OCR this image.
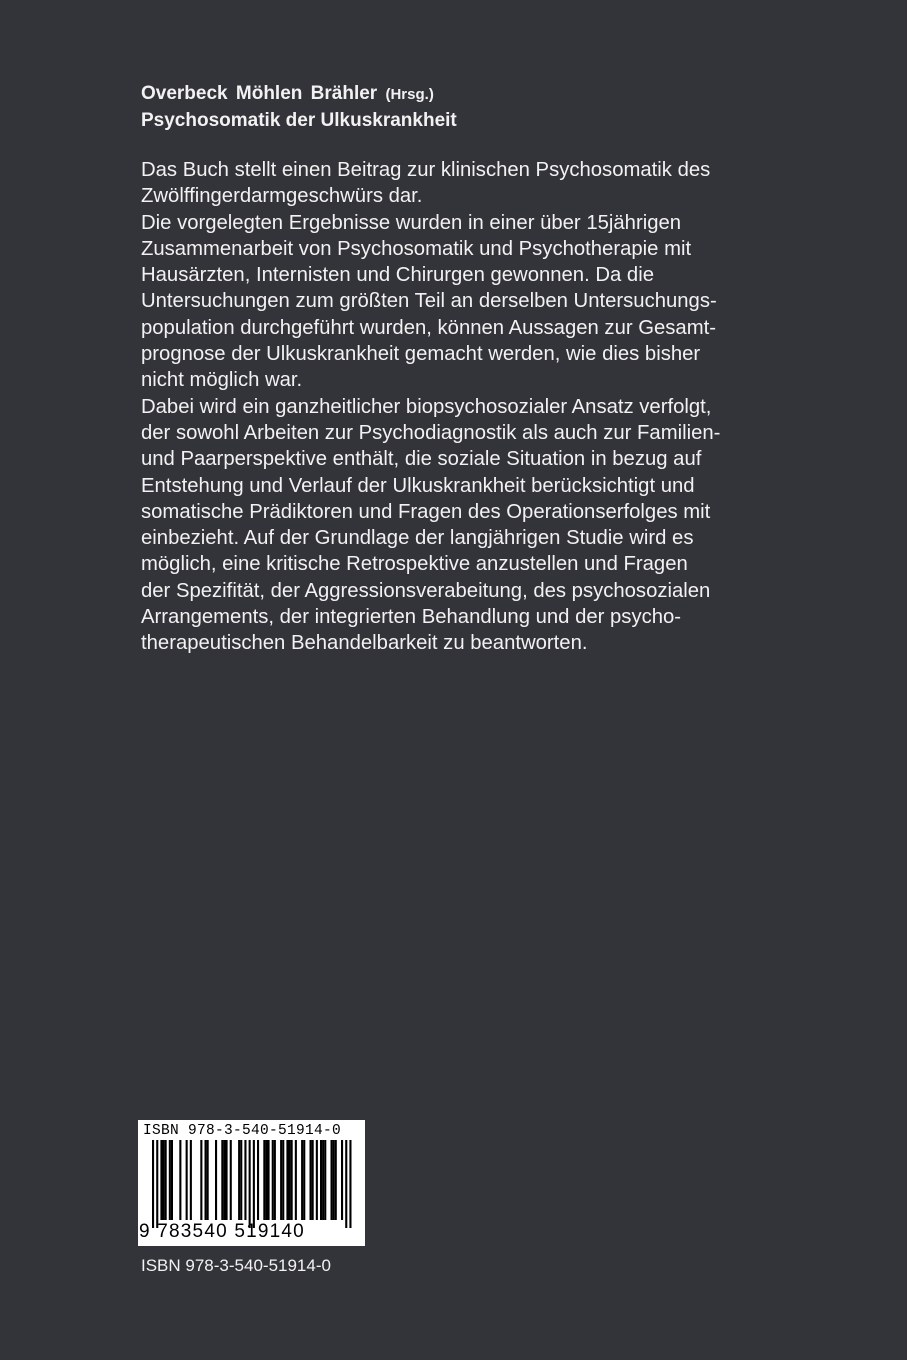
Overbeck Möhlen Brähler (Hrsg.)
Psychosomatik der Ulkuskrankheit
Das Buch stellt einen Beitrag zur klinischen Psychosomatik des
Zwölffingerdarmgeschwürs dar.
Die vorgelegten Ergebnisse wurden in einer über 15jährigen
Zusammenarbeit von Psychosomatik und Psychotherapie mit
Hausärzten, Internisten und Chirurgen gewonnen. Da die
Untersuchungen zum größten Teil an derselben Untersuchungs-
population durchgeführt wurden, können Aussagen zur Gesamt-
prognose der Ulkuskrankheit gemacht werden, wie dies bisher
nicht möglich war.
Dabei wird ein ganzheitlicher biopsychosozialer Ansatz verfolgt,
der sowohl Arbeiten zur Psychodiagnostik als auch zur Familien-
und Paarperspektive enthält, die soziale Situation in bezug auf
Entstehung und Verlauf der Ulkuskrankheit berücksichtigt und
somatische Prädiktoren und Fragen des Operationserfolges mit
einbezieht. Auf der Grundlage der langjährigen Studie wird es
möglich, eine kritische Retrospektive anzustellen und Fragen
der Spezifität, der Aggressionsverabeitung, des psychosozialen
Arrangements, der integrierten Behandlung und der psycho-
therapeutischen Behandelbarkeit zu beantworten.
ISBN 978-3-540-51914-0
9 783540 519140
ISBN 978-3-540-51914-0
